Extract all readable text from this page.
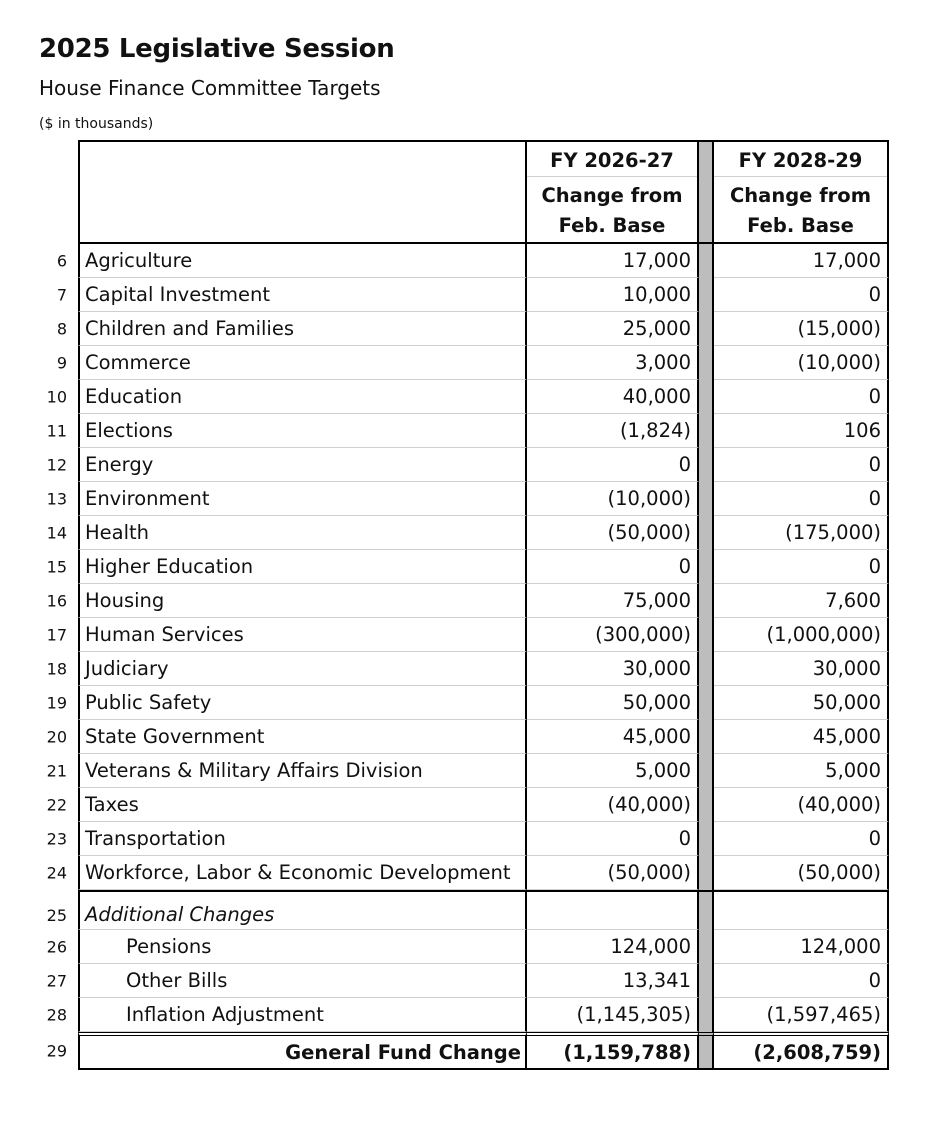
2025 Legislative Session
House Finance Committee Targets
($ in thousands)
FY 2026-27
Change from
Feb. Base
FY 2028-29
Change from
Feb. Base
6 Agriculture	17,000	17,000
7 Capital Investment	10,000	0
8 Children and Families	25,000	(15,000)
9 Commerce	3,000	(10,000)
10 Education	40,000	0
11 Elections	(1,824)	106
12 Energy	0	0
13 Environment	(10,000)	0
14 Health	(50,000)	(175,000)
15 Higher Education	0	0
16 Housing	75,000	7,600
17 Human Services	(300,000)	(1,000,000)
18 Judiciary	30,000	30,000
19 Public Safety	50,000	50,000
20 State Government	45,000	45,000
21 Veterans & Military Affairs Division	5,000	5,000
22 Taxes	(40,000)	(40,000)
23 Transportation	0	0
24 Workforce, Labor & Economic Development	(50,000)	(50,000)
25 Additional Changes
26	Pensions	124,000	124,000
27	Other Bills	13,341	0
28	Inflation Adjustment	(1,145,305)	(1,597,465)
29	General Fund Change	(1,159,788)	(2,608,759)
